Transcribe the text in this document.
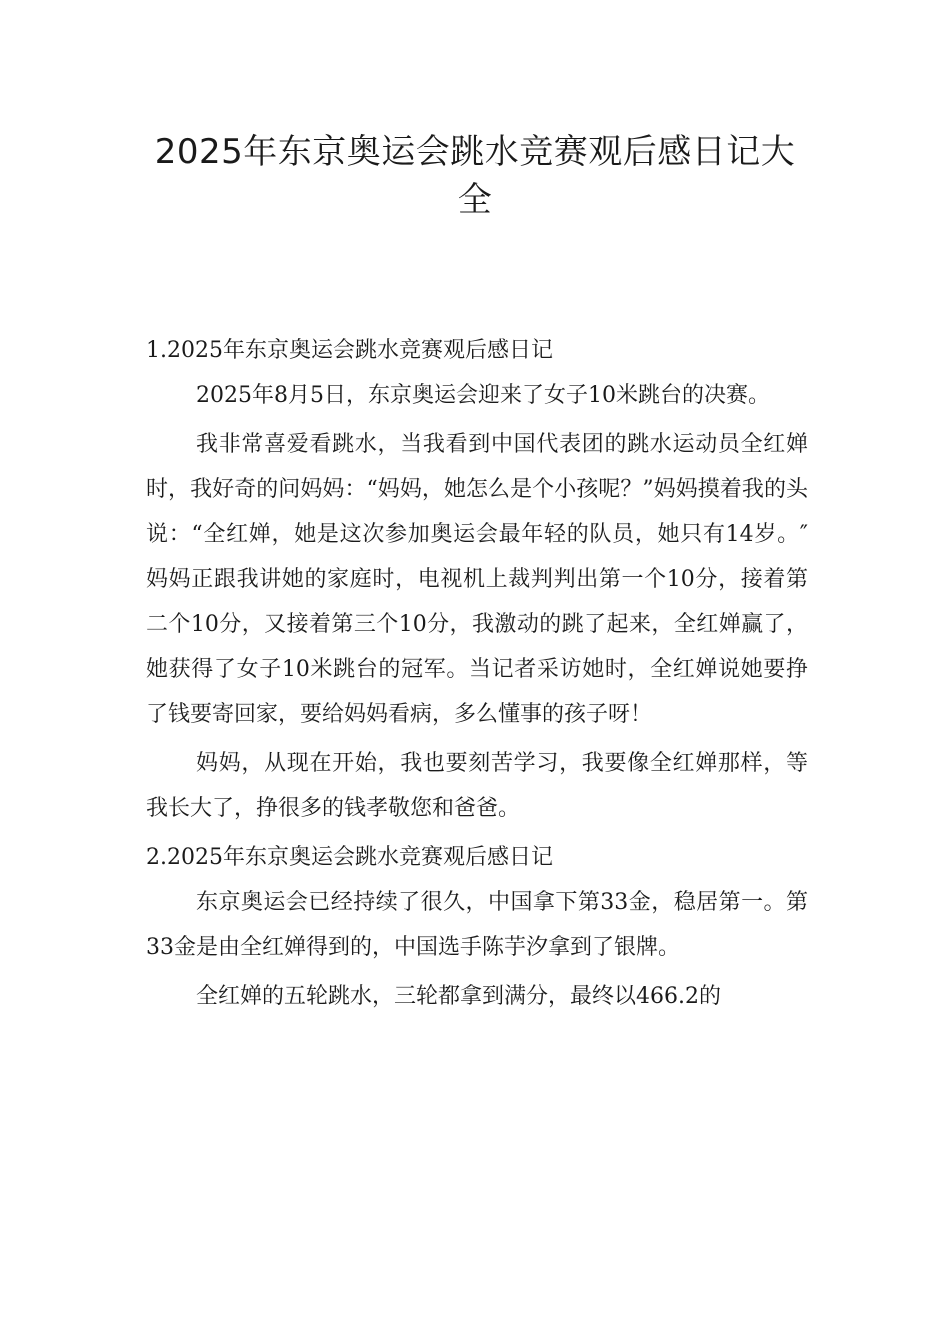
2025年东京奥运会跳水竞赛观后感日记大全
1.2025年东京奥运会跳水竞赛观后感日记

2025年8月5日，东京奥运会迎来了女子10米跳台的决赛。

我非常喜爱看跳水，当我看到中国代表团的跳水运动员全红婵时，我好奇的问妈妈：“妈妈，她怎么是个小孩呢？”妈妈摸着我的头说：“全红婵，她是这次参加奥运会最年轻的队员，她只有14岁。″妈妈正跟我讲她的家庭时，电视机上裁判判出第一个10分，接着第二个10分，又接着第三个10分，我激动的跳了起来，全红婵赢了，她获得了女子10米跳台的冠军。当记者采访她时，全红婵说她要挣了钱要寄回家，要给妈妈看病，多么懂事的孩子呀！

妈妈，从现在开始，我也要刻苦学习，我要像全红婵那样，等我长大了，挣很多的钱孝敬您和爸爸。

2.2025年东京奥运会跳水竞赛观后感日记

东京奥运会已经持续了很久，中国拿下第33金，稳居第一。第33金是由全红婵得到的，中国选手陈芋汐拿到了银牌。

全红婵的五轮跳水，三轮都拿到满分，最终以466.2的
